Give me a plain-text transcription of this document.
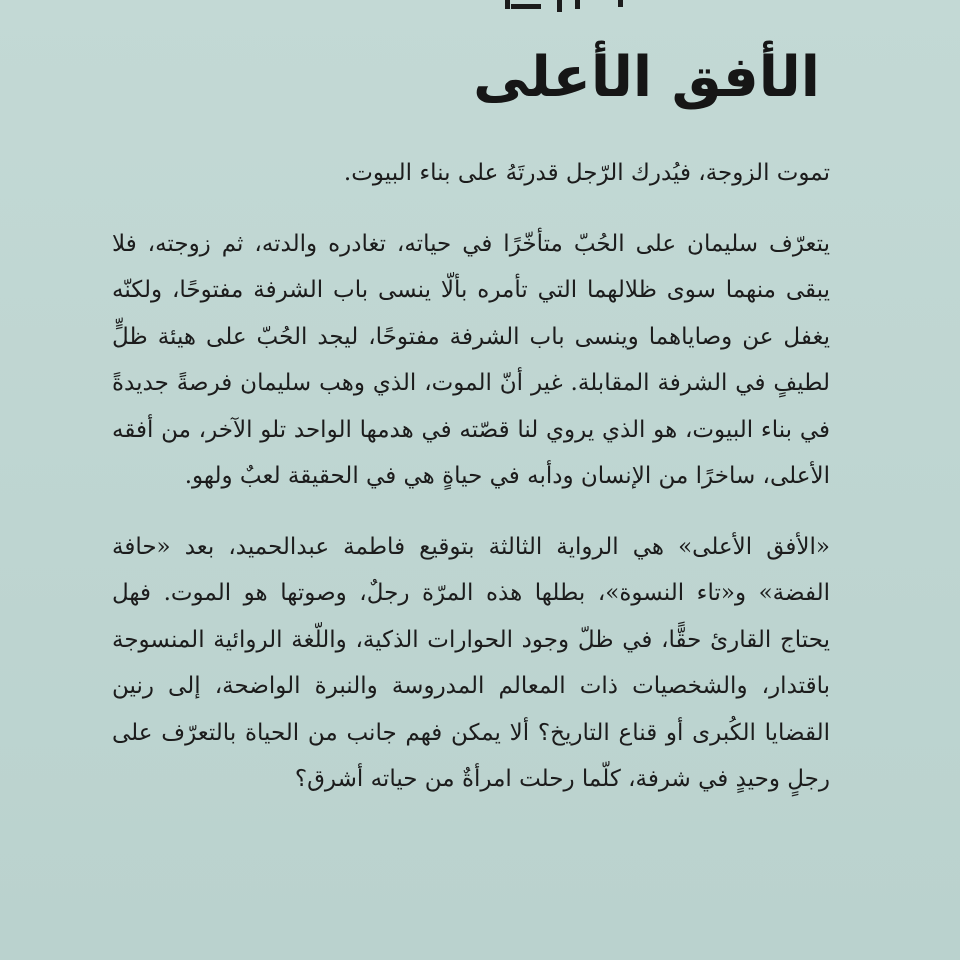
الأفق الأعلى

تموت الزوجة، فيُدرك الرّجل قدرتَهُ على بناء البيوت.

يتعرّف سليمان على الحُبّ متأخّرًا في حياته، تغادره والدته، ثم زوجته، فلا يبقى منهما سوى ظلالهما التي تأمره بألّا ينسى باب الشرفة مفتوحًا، ولكنّه يغفل عن وصاياهما وينسى باب الشرفة مفتوحًا، ليجد الحُبّ على هيئة ظلٍّ لطيفٍ في الشرفة المقابلة. غير أنّ الموت، الذي وهب سليمان فرصةً جديدةً في بناء البيوت، هو الذي يروي لنا قصّته في هدمها الواحد تلو الآخر، من أفقه الأعلى، ساخرًا من الإنسان ودأبه في حياةٍ هي في الحقيقة لعبٌ ولهو.

«الأفق الأعلى» هي الرواية الثالثة بتوقيع فاطمة عبدالحميد، بعد «حافة الفضة» و«تاء النسوة»، بطلها هذه المرّة رجلٌ، وصوتها هو الموت. فهل يحتاج القارئ حقًّا، في ظلّ وجود الحوارات الذكية، واللّغة الروائية المنسوجة باقتدار، والشخصيات ذات المعالم المدروسة والنبرة الواضحة، إلى رنين القضايا الكُبرى أو قناع التاريخ؟ ألا يمكن فهم جانب من الحياة بالتعرّف على رجلٍ وحيدٍ في شرفة، كلّما رحلت امرأةٌ من حياته أشرق؟
